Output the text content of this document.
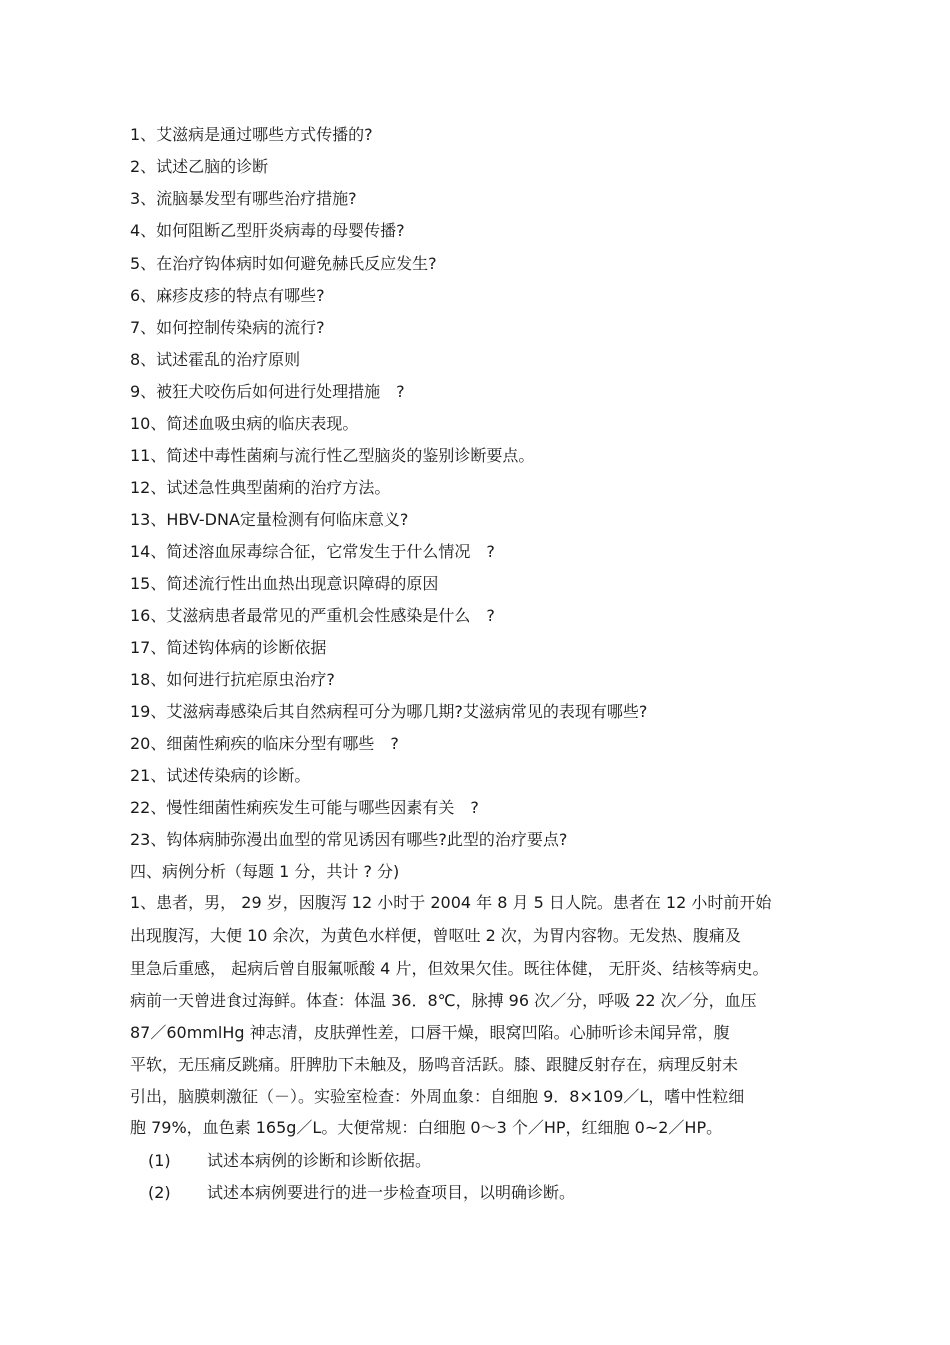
1、艾滋病是通过哪些方式传播的?
2、试述乙脑的诊断
3、流脑暴发型有哪些治疗措施?
4、如何阻断乙型肝炎病毒的母婴传播?
5、在治疗钩体病时如何避免赫氏反应发生?
6、麻疹皮疹的特点有哪些?
7、如何控制传染病的流行?
8、试述霍乱的治疗原则
9、被狂犬咬伤后如何进行处理措施　?
10、简述血吸虫病的临庆表现。
11、简述中毒性菌痢与流行性乙型脑炎的鉴别诊断要点。
12、试述急性典型菌痢的治疗方法。
13、HBV-DNA定量检测有何临床意义?
14、简述溶血尿毒综合征，它常发生于什么情况　?
15、简述流行性出血热出现意识障碍的原因
16、艾滋病患者最常见的严重机会性感染是什么　?
17、简述钩体病的诊断依据
18、如何进行抗疟原虫治疗?
19、艾滋病毒感染后其自然病程可分为哪几期?艾滋病常见的表现有哪些?
20、细菌性痢疾的临床分型有哪些　?
21、试述传染病的诊断。
22、慢性细菌性痢疾发生可能与哪些因素有关　?
23、钩体病肺弥漫出血型的常见诱因有哪些?此型的治疗要点?
四、病例分析（每题 1 分，共计 ? 分)
1、患者，男， 29 岁，因腹泻 12 小时于 2004 年 8 月 5 日人院。患者在 12 小时前开始
出现腹泻，大便 10 余次，为黄色水样便，曾呕吐 2 次，为胃内容物。无发热、腹痛及
里急后重感， 起病后曾自服氟哌酸 4 片，但效果欠佳。既往体健， 无肝炎、结核等病史。
病前一天曾进食过海鲜。体查：体温 36．8℃，脉搏 96 次／分，呼吸 22 次／分，血压
87／60mmlHg 神志清，皮肤弹性差，口唇干燥，眼窝凹陷。心肺听诊未闻异常，腹
平软，无压痛反跳痛。肝脾肋下未触及，肠鸣音活跃。膝、跟腱反射存在，病理反射未
引出，脑膜刺激征（－）。实验室检查：外周血象：自细胞 9．8×109／L，嗜中性粒细
胞 79%，血色素 165g／L。大便常规：白细胞 0～3 个／HP，红细胞 0~2／HP。
(1) 试述本病例的诊断和诊断依据。
(2) 试述本病例要进行的进一步检查项目，以明确诊断。
